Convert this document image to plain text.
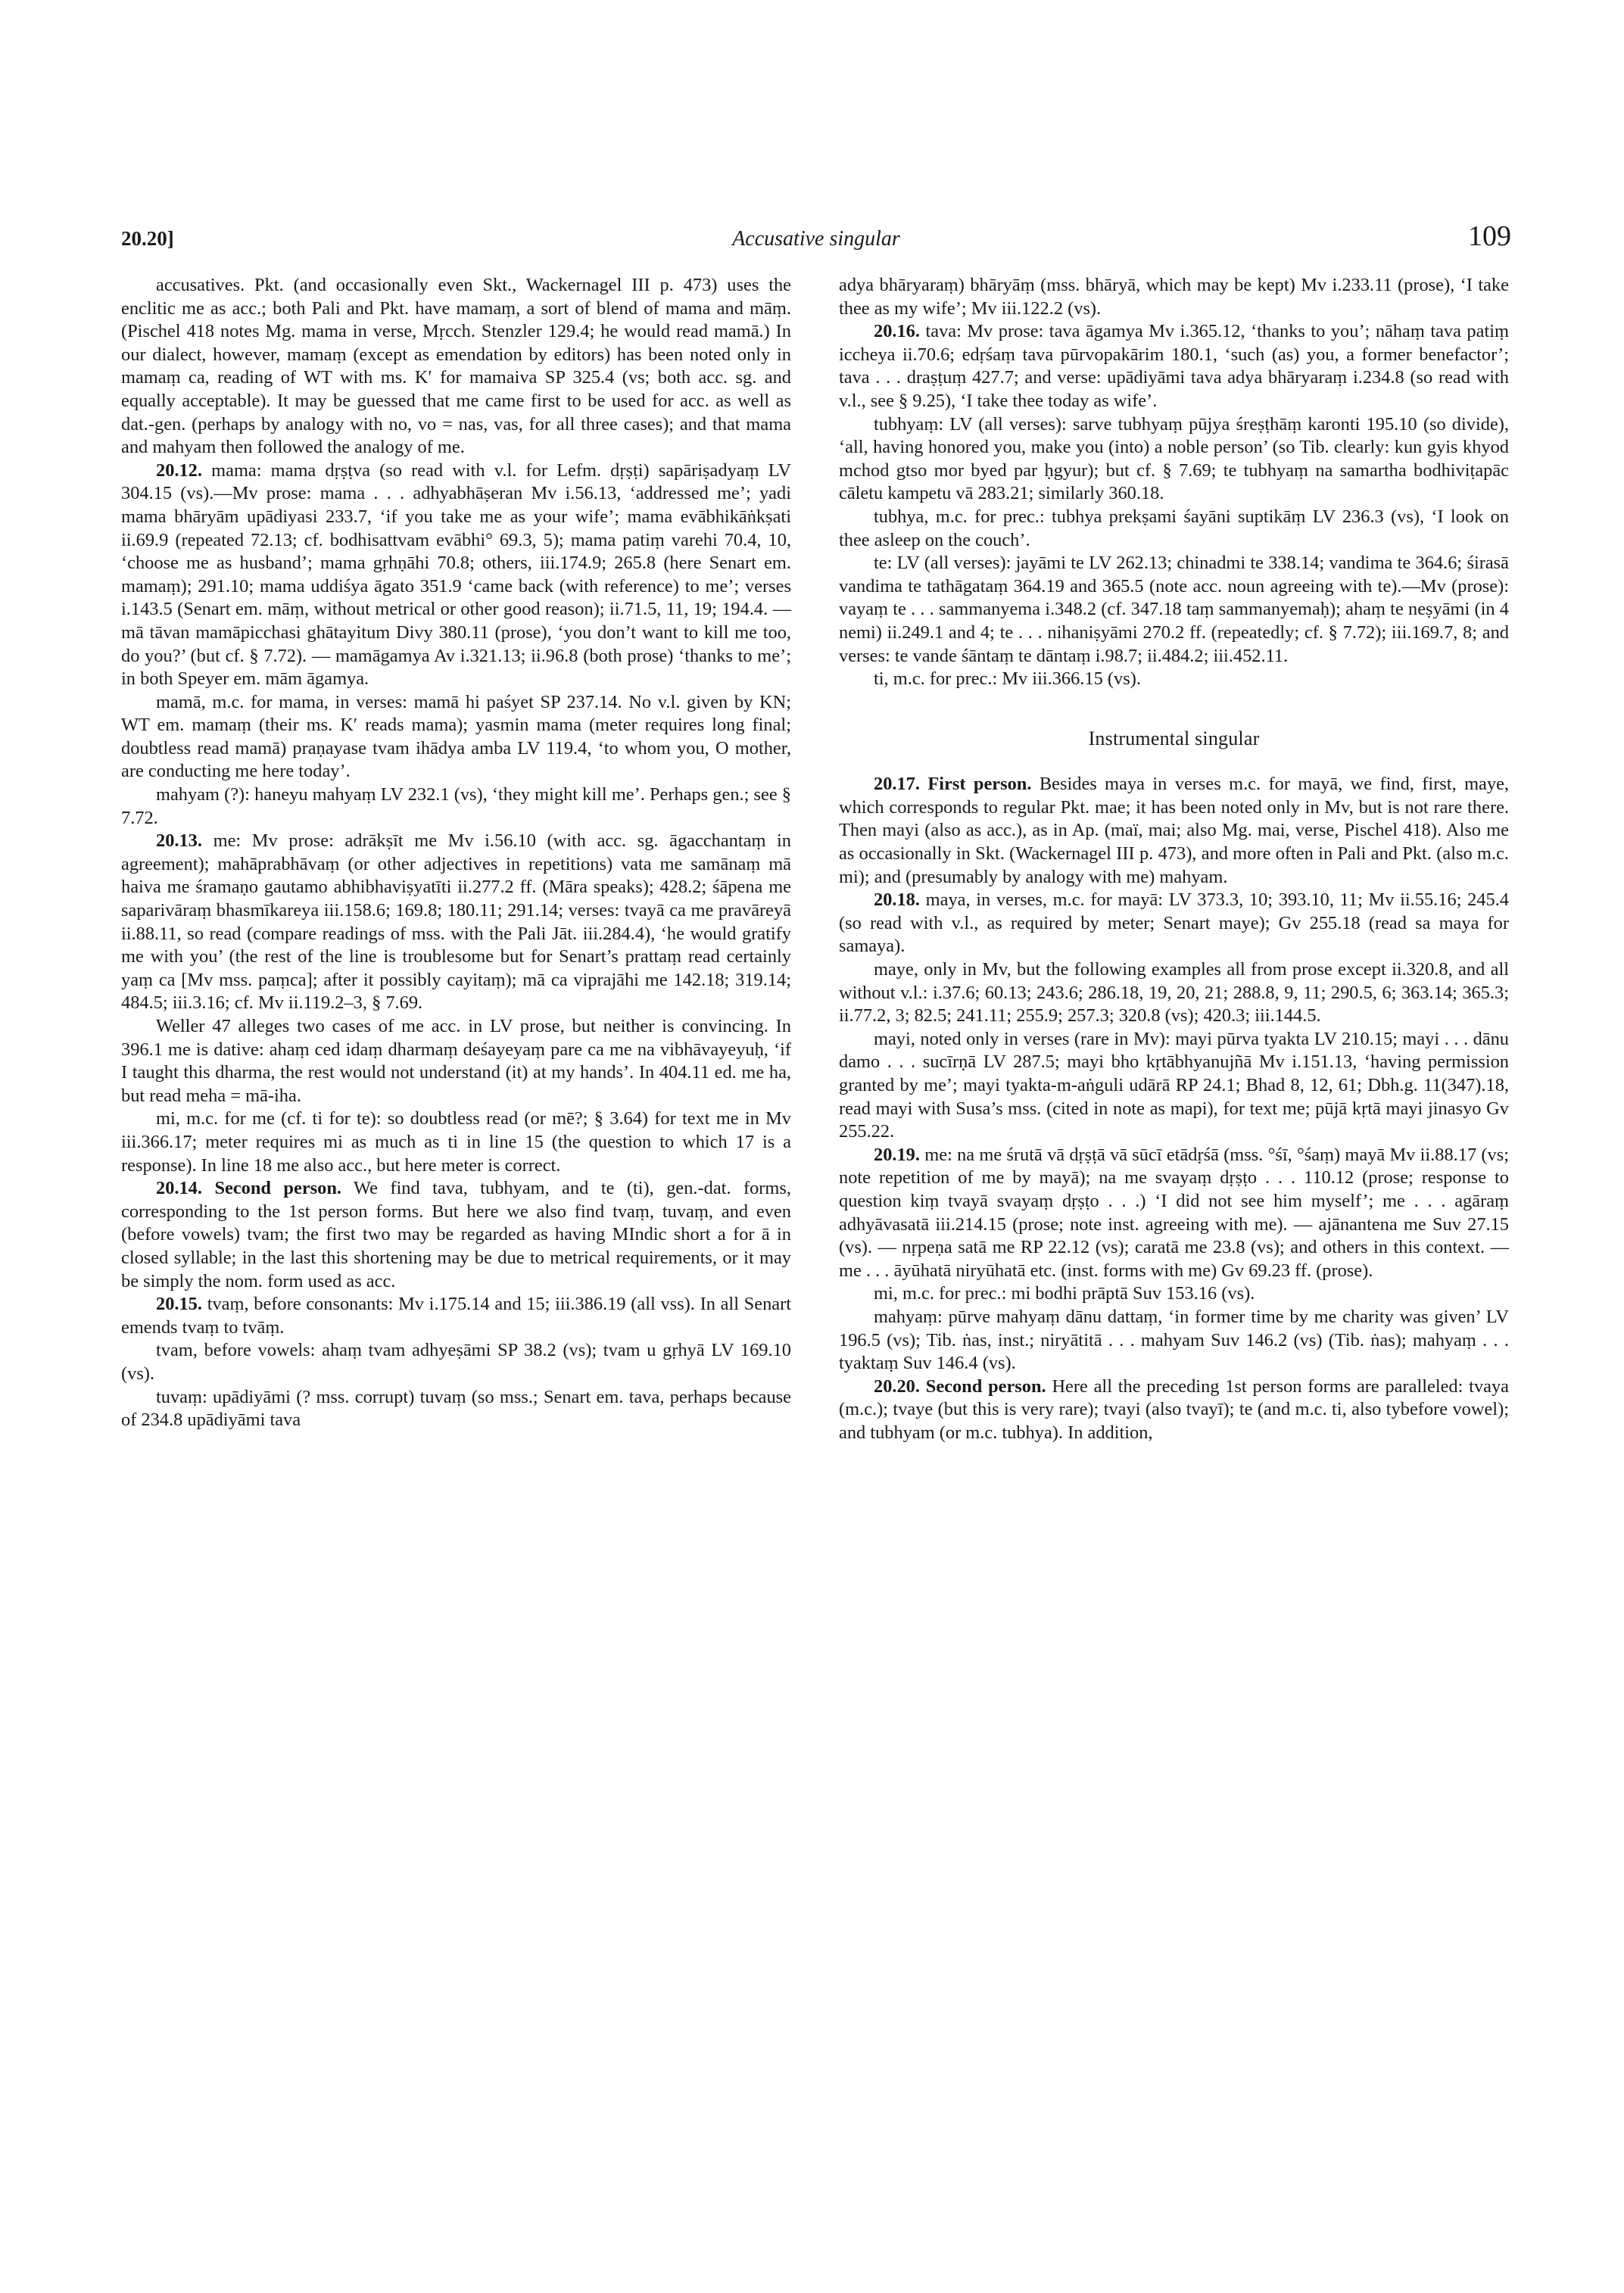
20.20]	Accusative singular	109

accusatives. Pkt. (and occasionally even Skt., Wackernagel III p. 473) uses the enclitic me as acc.; both Pali and Pkt. have mamaṃ, a sort of blend of mama and māṃ. (Pischel 418 notes Mg. mama in verse, Mṛcch. Stenzler 129.4; he would read mamā.) In our dialect, however, mamaṃ (except as emendation by editors) has been noted only in mamaṃ ca, reading of WT with ms. K′ for mamaiva SP 325.4 (vs; both acc. sg. and equally acceptable). It may be guessed that me came first to be used for acc. as well as dat.-gen. (perhaps by analogy with no, vo = nas, vas, for all three cases); and that mama and mahyam then followed the analogy of me.

20.12. mama: mama dṛṣṭva (so read with v.l. for Lefm. dṛṣṭi) sapāriṣadyaṃ LV 304.15 (vs).—Mv prose: mama . . . adhyabhāṣeran Mv i.56.13, ‘addressed me’; yadi mama bhāryām upādiyasi 233.7, ‘if you take me as your wife’; mama evābhikāṅkṣati ii.69.9 (repeated 72.13; cf. bodhisattvam evābhi° 69.3, 5); mama patiṃ varehi 70.4, 10, ‘choose me as husband’; mama gṛhṇāhi 70.8; others, iii.174.9; 265.8 (here Senart em. mamaṃ); 291.10; mama uddiśya āgato 351.9 ‘came back (with reference) to me’; verses i.143.5 (Senart em. māṃ, without metrical or other good reason); ii.71.5, 11, 19; 194.4. — mā tāvan mamāpicchasi ghātayitum Divy 380.11 (prose), ‘you don’t want to kill me too, do you?’ (but cf. § 7.72). — mamāgamya Av i.321.13; ii.96.8 (both prose) ‘thanks to me’; in both Speyer em. mām āgamya.

mamā, m.c. for mama, in verses: mamā hi paśyet SP 237.14. No v.l. given by KN; WT em. mamaṃ (their ms. K′ reads mama); yasmin mama (meter requires long final; doubtless read mamā) praṇayase tvam ihādya amba LV 119.4, ‘to whom you, O mother, are conducting me here today’.

mahyam (?): haneyu mahyaṃ LV 232.1 (vs), ‘they might kill me’. Perhaps gen.; see § 7.72.

20.13. me: Mv prose: adrākṣīt me Mv i.56.10 (with acc. sg. āgacchantaṃ in agreement); mahāprabhāvaṃ (or other adjectives in repetitions) vata me samānaṃ mā haiva me śramaṇo gautamo abhibhaviṣyatīti ii.277.2 ff. (Māra speaks); 428.2; śāpena me saparivāraṃ bhasmīkareya iii.158.6; 169.8; 180.11; 291.14; verses: tvayā ca me pravāreyā ii.88.11, so read (compare readings of mss. with the Pali Jāt. iii.284.4), ‘he would gratify me with you’ (the rest of the line is troublesome but for Senart’s prattaṃ read certainly yaṃ ca [Mv mss. paṃca]; after it possibly cayitaṃ); mā ca viprajāhi me 142.18; 319.14; 484.5; iii.3.16; cf. Mv ii.119.2–3, § 7.69.

Weller 47 alleges two cases of me acc. in LV prose, but neither is convincing. In 396.1 me is dative: ahaṃ ced idaṃ dharmaṃ deśayeyaṃ pare ca me na vibhāvayeyuḥ, ‘if I taught this dharma, the rest would not understand (it) at my hands’. In 404.11 ed. me ha, but read meha = mā-iha.

mi, m.c. for me (cf. ti for te): so doubtless read (or mē?; § 3.64) for text me in Mv iii.366.17; meter requires mi as much as ti in line 15 (the question to which 17 is a response). In line 18 me also acc., but here meter is correct.

20.14. Second person. We find tava, tubhyam, and te (ti), gen.-dat. forms, corresponding to the 1st person forms. But here we also find tvaṃ, tuvaṃ, and even (before vowels) tvam; the first two may be regarded as having MIndic short a for ā in closed syllable; in the last this shortening may be due to metrical requirements, or it may be simply the nom. form used as acc.

20.15. tvaṃ, before consonants: Mv i.175.14 and 15; iii.386.19 (all vss). In all Senart emends tvaṃ to tvāṃ.

tvam, before vowels: ahaṃ tvam adhyeṣāmi SP 38.2 (vs); tvam u gṛhyā LV 169.10 (vs).

tuvaṃ: upādiyāmi (? mss. corrupt) tuvaṃ (so mss.; Senart em. tava, perhaps because of 234.8 upādiyāmi tava

adya bhāryaraṃ) bhāryāṃ (mss. bhāryā, which may be kept) Mv i.233.11 (prose), ‘I take thee as my wife’; Mv iii.122.2 (vs).

20.16. tava: Mv prose: tava āgamya Mv i.365.12, ‘thanks to you’; nāhaṃ tava patiṃ iccheya ii.70.6; edṛśaṃ tava pūrvopakārim 180.1, ‘such (as) you, a former benefactor’; tava . . . draṣṭuṃ 427.7; and verse: upādiyāmi tava adya bhāryaraṃ i.234.8 (so read with v.l., see § 9.25), ‘I take thee today as wife’.

tubhyaṃ: LV (all verses): sarve tubhyaṃ pūjya śreṣṭhāṃ karonti 195.10 (so divide), ‘all, having honored you, make you (into) a noble person’ (so Tib. clearly: kun gyis khyod mchod gtso mor byed par ḥgyur); but cf. § 7.69; te tubhyaṃ na samartha bodhiviṭapāc cāletu kampetu vā 283.21; similarly 360.18.

tubhya, m.c. for prec.: tubhya prekṣami śayāni suptikāṃ LV 236.3 (vs), ‘I look on thee asleep on the couch’.

te: LV (all verses): jayāmi te LV 262.13; chinadmi te 338.14; vandima te 364.6; śirasā vandima te tathāgataṃ 364.19 and 365.5 (note acc. noun agreeing with te).—Mv (prose): vayaṃ te . . . sammanyema i.348.2 (cf. 347.18 taṃ sammanyemaḥ); ahaṃ te neṣyāmi (in 4 nemi) ii.249.1 and 4; te . . . nihaniṣyāmi 270.2 ff. (repeatedly; cf. § 7.72); iii.169.7, 8; and verses: te vande śāntaṃ te dāntaṃ i.98.7; ii.484.2; iii.452.11.

ti, m.c. for prec.: Mv iii.366.15 (vs).

Instrumental singular

20.17. First person. Besides maya in verses m.c. for mayā, we find, first, maye, which corresponds to regular Pkt. mae; it has been noted only in Mv, but is not rare there. Then mayi (also as acc.), as in Ap. (maï, mai; also Mg. mai, verse, Pischel 418). Also me as occasionally in Skt. (Wackernagel III p. 473), and more often in Pali and Pkt. (also m.c. mi); and (presumably by analogy with me) mahyam.

20.18. maya, in verses, m.c. for mayā: LV 373.3, 10; 393.10, 11; Mv ii.55.16; 245.4 (so read with v.l., as required by meter; Senart maye); Gv 255.18 (read sa maya for samaya).

maye, only in Mv, but the following examples all from prose except ii.320.8, and all without v.l.: i.37.6; 60.13; 243.6; 286.18, 19, 20, 21; 288.8, 9, 11; 290.5, 6; 363.14; 365.3; ii.77.2, 3; 82.5; 241.11; 255.9; 257.3; 320.8 (vs); 420.3; iii.144.5.

mayi, noted only in verses (rare in Mv): mayi pūrva tyakta LV 210.15; mayi . . . dānu damo . . . sucīrṇā LV 287.5; mayi bho kṛtābhyanujñā Mv i.151.13, ‘having permission granted by me’; mayi tyakta-m-aṅguli udārā RP 24.1; Bhad 8, 12, 61; Dbh.g. 11(347).18, read mayi with Susa’s mss. (cited in note as mapi), for text me; pūjā kṛtā mayi jinasyo Gv 255.22.

20.19. me: na me śrutā vā dṛṣṭā vā sūcī etādṛśā (mss. °śī, °śaṃ) mayā Mv ii.88.17 (vs; note repetition of me by mayā); na me svayaṃ dṛṣṭo . . . 110.12 (prose; response to question kiṃ tvayā svayaṃ dṛṣṭo . . .) ‘I did not see him myself’; me . . . agāraṃ adhyāvasatā iii.214.15 (prose; note inst. agreeing with me). — ajānantena me Suv 27.15 (vs). — nṛpeṇa satā me RP 22.12 (vs); caratā me 23.8 (vs); and others in this context. — me . . . āyūhatā niryūhatā etc. (inst. forms with me) Gv 69.23 ff. (prose).

mi, m.c. for prec.: mi bodhi prāptā Suv 153.16 (vs).

mahyaṃ: pūrve mahyaṃ dānu dattaṃ, ‘in former time by me charity was given’ LV 196.5 (vs); Tib. ṅas, inst.; niryātitā . . . mahyam Suv 146.2 (vs) (Tib. ṅas); mahyaṃ . . . tyaktaṃ Suv 146.4 (vs).

20.20. Second person. Here all the preceding 1st person forms are paralleled: tvaya (m.c.); tvaye (but this is very rare); tvayi (also tvayī); te (and m.c. ti, also tybefore vowel); and tubhyam (or m.c. tubhya). In addition,
